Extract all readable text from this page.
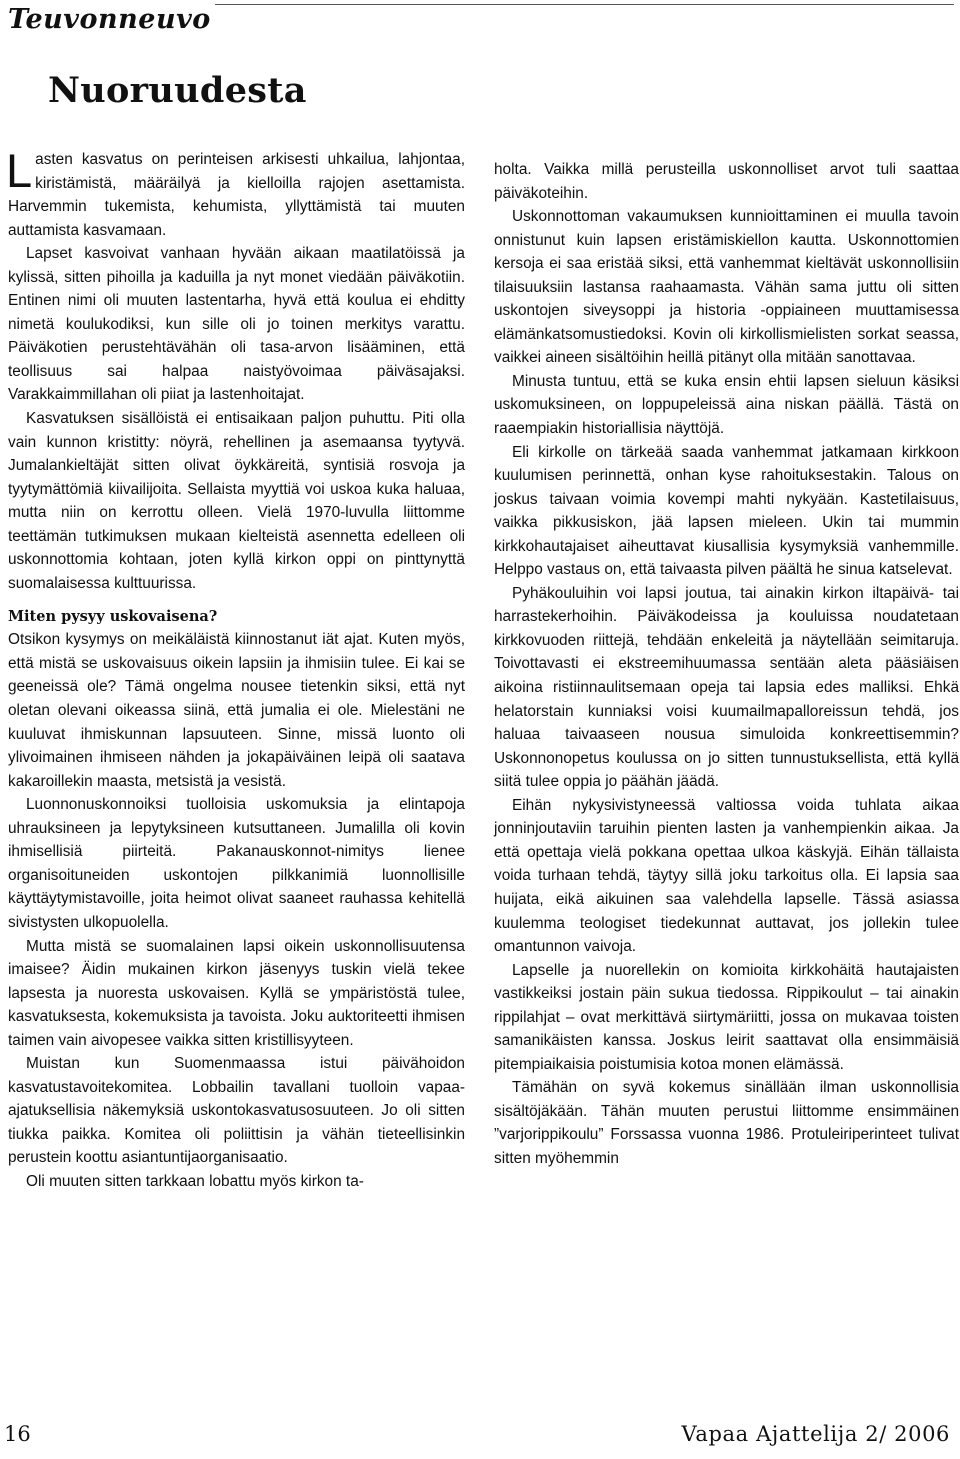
Teuvonneuvo
Nuoruudesta

Lasten kasvatus on perinteisen arkisesti uhkailua, lahjontaa, kiristämistä, määräilyä ja kielloilla rajojen asettamista. Harvemmin tukemista, kehumista, yllyttämistä tai muuten auttamista kasvamaan.

Lapset kasvoivat vanhaan hyvään aikaan maatilatöissä ja kylissä, sitten pihoilla ja kaduilla ja nyt monet viedään päiväkotiin. Entinen nimi oli muuten lastentarha, hyvä että koulua ei ehditty nimetä koulukodiksi, kun sille oli jo toinen merkitys varattu. Päiväkotien perustehtävähän oli tasa-arvon lisääminen, että teollisuus sai halpaa naistyövoimaa päiväsajaksi. Varakkaimmillahan oli piiat ja lastenhoitajat.

Kasvatuksen sisällöistä ei entisaikaan paljon puhuttu. Piti olla vain kunnon kristitty: nöyrä, rehellinen ja asemaansa tyytyvä. Jumalankieltäjät sitten olivat öykkäreitä, syntisiä rosvoja ja tyytymättömiä kiivailijoita. Sellaista myyttiä voi uskoa kuka haluaa, mutta niin on kerrottu olleen. Vielä 1970-luvulla liittomme teettämän tutkimuksen mukaan kielteistä asennetta edelleen oli uskonnottomia kohtaan, joten kyllä kirkon oppi on pinttynyttä suomalaisessa kulttuurissa.

Miten pysyy uskovaisena?

Otsikon kysymys on meikäläistä kiinnostanut iät ajat. Kuten myös, että mistä se uskovaisuus oikein lapsiin ja ihmisiin tulee. Ei kai se geeneissä ole? Tämä ongelma nousee tietenkin siksi, että nyt oletan olevani oikeassa siinä, että jumalia ei ole. Mielestäni ne kuuluvat ihmiskunnan lapsuuteen. Sinne, missä luonto oli ylivoimainen ihmiseen nähden ja jokapäiväinen leipä oli saatava kakaroillekin maasta, metsistä ja vesistä.

Luonnonuskonnoiksi tuolloisia uskomuksia ja elintapoja uhrauksineen ja lepytyksineen kutsuttaneen. Jumalilla oli kovin ihmisellisiä piirteitä. Pakanauskonnot-nimitys lienee organisoituneiden uskontojen pilkkanimiä luonnollisille käyttäytymistavoille, joita heimot olivat saaneet rauhassa kehitellä sivistysten ulkopuolella.

Mutta mistä se suomalainen lapsi oikein uskonnollisuutensa imaisee? Äidin mukainen kirkon jäsenyys tuskin vielä tekee lapsesta ja nuoresta uskovaisen. Kyllä se ympäristöstä tulee, kasvatuksesta, kokemuksista ja tavoista. Joku auktoriteetti ihmisen taimen vain aivopesee vaikka sitten kristillisyyteen.

Muistan kun Suomenmaassa istui päivähoidon kasvatustavoitekomitea. Lobbailin tavallani tuolloin vapaa-ajatuksellisia näkemyksiä uskontokasvatusosuuteen. Jo oli sitten tiukka paikka. Komitea oli poliittisin ja vähän tieteellisinkin perustein koottu asiantuntijaorganisaatio.

Oli muuten sitten tarkkaan lobattu myös kirkon ta-

holta. Vaikka millä perusteilla uskonnolliset arvot tuli saattaa päiväkoteihin.

Uskonnottoman vakaumuksen kunnioittaminen ei muulla tavoin onnistunut kuin lapsen eristämiskiellon kautta. Uskonnottomien kersoja ei saa eristää siksi, että vanhemmat kieltävät uskonnollisiin tilaisuuksiin lastansa raahaamasta. Vähän sama juttu oli sitten uskontojen siveysoppi ja historia -oppiaineen muuttamisessa elämänkatsomustiedoksi. Kovin oli kirkollismielisten sorkat seassa, vaikkei aineen sisältöihin heillä pitänyt olla mitään sanottavaa.

Minusta tuntuu, että se kuka ensin ehtii lapsen sieluun käsiksi uskomuksineen, on loppupeleissä aina niskan päällä. Tästä on raaempiakin historiallisia näyttöjä.

Eli kirkolle on tärkeää saada vanhemmat jatkamaan kirkkoon kuulumisen perinnettä, onhan kyse rahoituksestakin. Talous on joskus taivaan voimia kovempi mahti nykyään. Kastetilaisuus, vaikka pikkusiskon, jää lapsen mieleen. Ukin tai mummin kirkkohautajaiset aiheuttavat kiusallisia kysymyksiä vanhemmille. Helppo vastaus on, että taivaasta pilven päältä he sinua katselevat.

Pyhäkouluihin voi lapsi joutua, tai ainakin kirkon iltapäivä- tai harrastekerhoihin. Päiväkodeissa ja kouluissa noudatetaan kirkkovuoden riittejä, tehdään enkeleitä ja näytellään seimitaruja. Toivottavasti ei ekstreemihuumassa sentään aleta pääsiäisen aikoina ristiinnaulitsemaan opeja tai lapsia edes malliksi. Ehkä helatorstain kunniaksi voisi kuumailmapalloreissun tehdä, jos haluaa taivaaseen nousua simuloida konkreettisemmin? Uskonnonopetus koulussa on jo sitten tunnustuksellista, että kyllä siitä tulee oppia jo päähän jäädä.

Eihän nykysivistyneessä valtiossa voida tuhlata aikaa jonninjoutaviin taruihin pienten lasten ja vanhempienkin aikaa. Ja että opettaja vielä pokkana opettaa ulkoa käskyjä. Eihän tällaista voida turhaan tehdä, täytyy sillä joku tarkoitus olla. Ei lapsia saa huijata, eikä aikuinen saa valehdella lapselle. Tässä asiassa kuulemma teologiset tiedekunnat auttavat, jos jollekin tulee omantunnon vaivoja.

Lapselle ja nuorellekin on komioita kirkkohäitä hautajaisten vastikkeiksi jostain päin sukua tiedossa. Rippikoulut – tai ainakin rippilahjat – ovat merkittävä siirtymäriitti, jossa on mukavaa toisten samanikäisten kanssa. Joskus leirit saattavat olla ensimmäisiä pitempiaikaisia poistumisia kotoa monen elämässä.

Tämähän on syvä kokemus sinällään ilman uskonnollisia sisältöjäkään. Tähän muuten perustui liittomme ensimmäinen ”varjorippikoulu” Forssassa vuonna 1986. Protuleiriperinteet tulivat sitten myöhemmin

16	Vapaa Ajattelija 2/ 2006
